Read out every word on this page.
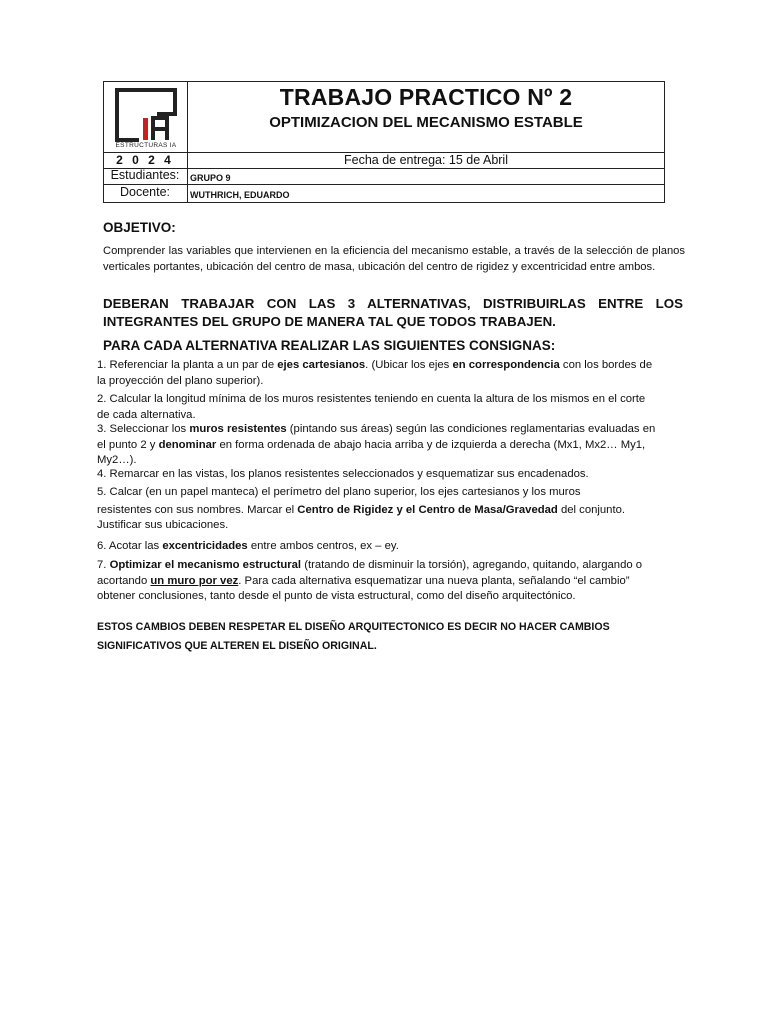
ESTRUCTURAS IA
TRABAJO PRACTICO Nº 2
OPTIMIZACION DEL MECANISMO ESTABLE
2 0 2 4	Fecha de entrega: 15 de Abril
Estudiantes:	GRUPO 9
Docente:	WUTHRICH, EDUARDO
OBJETIVO:
Comprender las variables que intervienen en la eficiencia del mecanismo estable, a través de la selección de planos verticales portantes, ubicación del centro de masa, ubicación del centro de rigidez y excentricidad entre ambos.
DEBERAN TRABAJAR CON LAS 3 ALTERNATIVAS, DISTRIBUIRLAS ENTRE LOS INTEGRANTES DEL GRUPO DE MANERA TAL QUE TODOS TRABAJEN.
PARA CADA ALTERNATIVA REALIZAR LAS SIGUIENTES CONSIGNAS:
1. Referenciar la planta a un par de ejes cartesianos. (Ubicar los ejes en correspondencia con los bordes de la proyección del plano superior).
2. Calcular la longitud mínima de los muros resistentes teniendo en cuenta la altura de los mismos en el corte de cada alternativa.
3. Seleccionar los muros resistentes (pintando sus áreas) según las condiciones reglamentarias evaluadas en el punto 2 y denominar en forma ordenada de abajo hacia arriba y de izquierda a derecha (Mx1, Mx2… My1, My2…).
4. Remarcar en las vistas, los planos resistentes seleccionados y esquematizar sus encadenados.
5. Calcar (en un papel manteca) el perímetro del plano superior, los ejes cartesianos y los muros
resistentes con sus nombres. Marcar el Centro de Rigidez y el Centro de Masa/Gravedad del conjunto. Justificar sus ubicaciones.
6. Acotar las excentricidades entre ambos centros, ex – ey.
7. Optimizar el mecanismo estructural (tratando de disminuir la torsión), agregando, quitando, alargando o acortando un muro por vez. Para cada alternativa esquematizar una nueva planta, señalando “el cambio” obtener conclusiones, tanto desde el punto de vista estructural, como del diseño arquitectónico.
ESTOS CAMBIOS DEBEN RESPETAR EL DISEÑO ARQUITECTONICO ES DECIR NO HACER CAMBIOS SIGNIFICATIVOS QUE ALTEREN EL DISEÑO ORIGINAL.
